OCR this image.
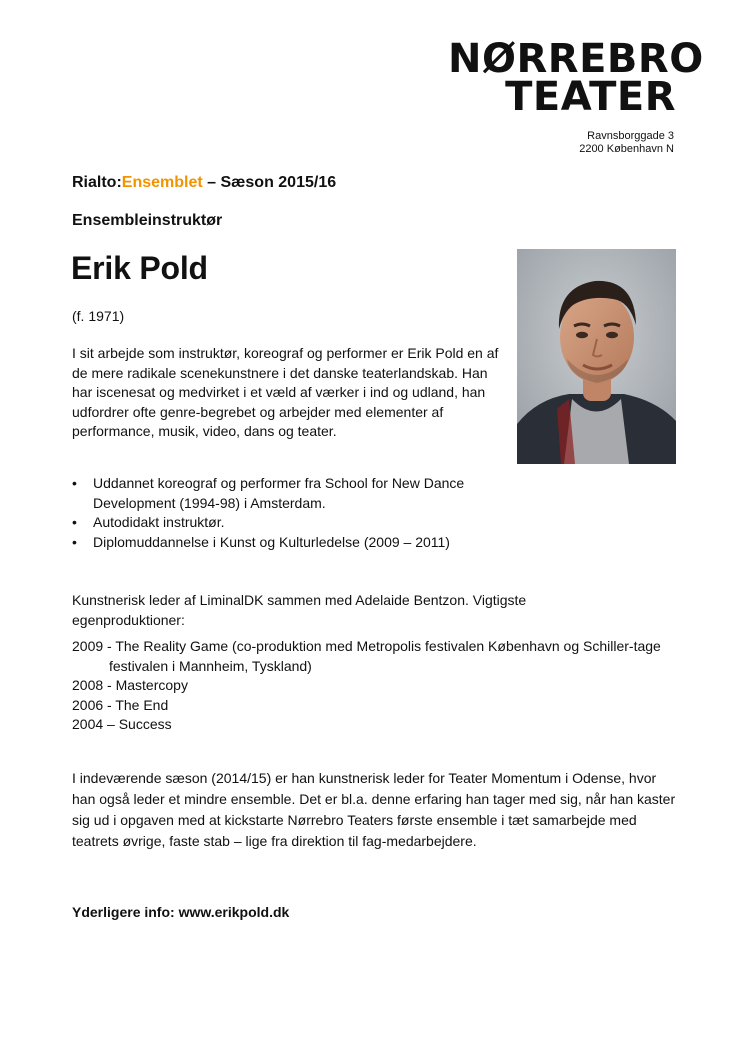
NØRREBRO
TEATER
Ravnsborggade 3
2200 København N
Rialto:Ensemblet – Sæson 2015/16
Ensembleinstruktør
Erik Pold
(f. 1971)

I sit arbejde som instruktør, koreograf og performer er Erik Pold en af de mere radikale scenekunstnere i det danske teaterlandskab. Han har iscenesat og medvirket i et væld af værker i ind og udland, han udfordrer ofte genre-begrebet og arbejder med elementer af performance, musik, video, dans og teater.

• Uddannet koreograf og performer fra School for New Dance Development (1994-98) i Amsterdam.
• Autodidakt instruktør.
• Diplomuddannelse i Kunst og Kulturledelse (2009 – 2011)

Kunstnerisk leder af LiminalDK sammen med Adelaide Bentzon. Vigtigste egenproduktioner:

2009 - The Reality Game (co-produktion med Metropolis festivalen København og Schiller-tage festivalen i Mannheim, Tyskland)
2008 - Mastercopy
2006 - The End
2004 – Success

I indeværende sæson (2014/15) er han kunstnerisk leder for Teater Momentum i Odense, hvor han også leder et mindre ensemble. Det er bl.a. denne erfaring han tager med sig, når han kaster sig ud i opgaven med at kickstarte Nørrebro Teaters første ensemble i tæt samarbejde med teatrets øvrige, faste stab – lige fra direktion til fag-medarbejdere.

Yderligere info: www.erikpold.dk
